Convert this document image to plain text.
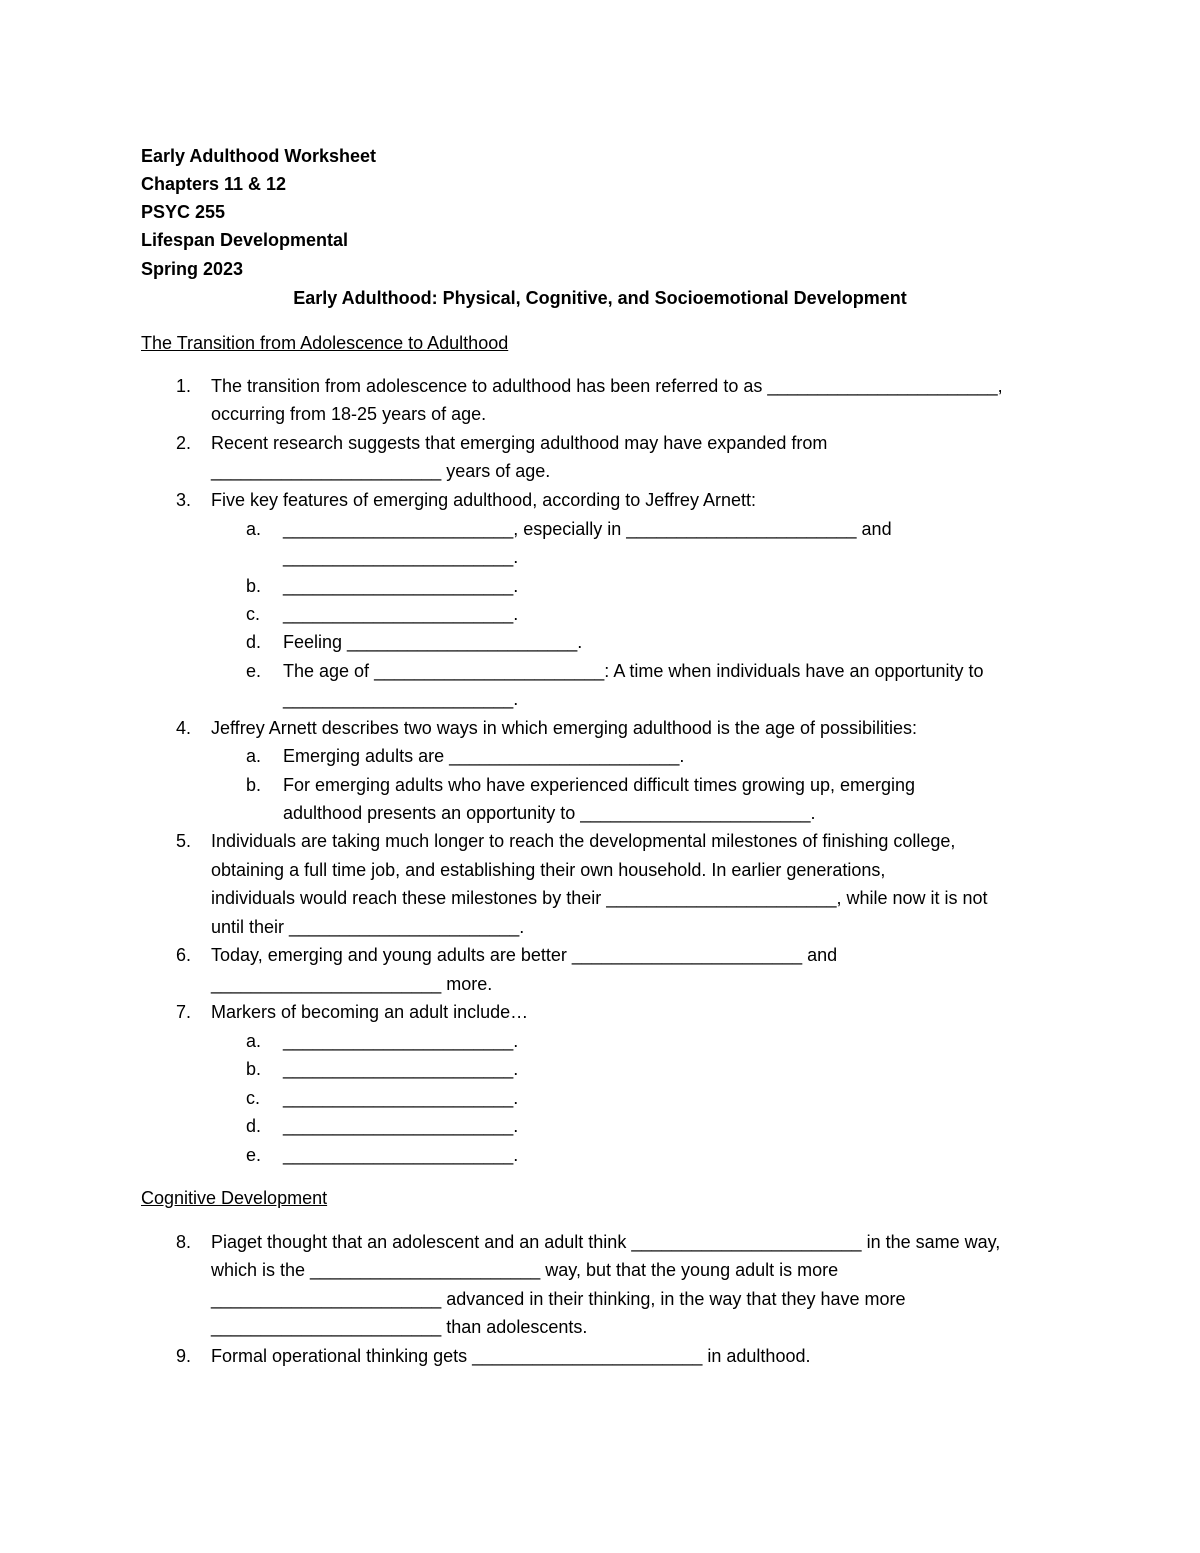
Early Adulthood Worksheet
Chapters 11 & 12
PSYC 255
Lifespan Developmental
Spring 2023
Early Adulthood: Physical, Cognitive, and Socioemotional Development
The Transition from Adolescence to Adulthood
1. The transition from adolescence to adulthood has been referred to as _______________________,
occurring from 18-25 years of age.
2. Recent research suggests that emerging adulthood may have expanded from
_______________________ years of age.
3. Five key features of emerging adulthood, according to Jeffrey Arnett:
a. _______________________, especially in _______________________ and
_______________________.
b. _______________________.
c. _______________________.
d. Feeling _______________________.
e. The age of _______________________: A time when individuals have an opportunity to
_______________________.
4. Jeffrey Arnett describes two ways in which emerging adulthood is the age of possibilities:
a. Emerging adults are _______________________.
b. For emerging adults who have experienced difficult times growing up, emerging
adulthood presents an opportunity to _______________________.
5. Individuals are taking much longer to reach the developmental milestones of finishing college,
obtaining a full time job, and establishing their own household. In earlier generations,
individuals would reach these milestones by their _______________________, while now it is not
until their _______________________.
6. Today, emerging and young adults are better _______________________ and
_______________________ more.
7. Markers of becoming an adult include…
a. _______________________.
b. _______________________.
c. _______________________.
d. _______________________.
e. _______________________.
Cognitive Development
8. Piaget thought that an adolescent and an adult think _______________________ in the same way,
which is the _______________________ way, but that the young adult is more
_______________________ advanced in their thinking, in the way that they have more
_______________________ than adolescents.
9. Formal operational thinking gets _______________________ in adulthood.
